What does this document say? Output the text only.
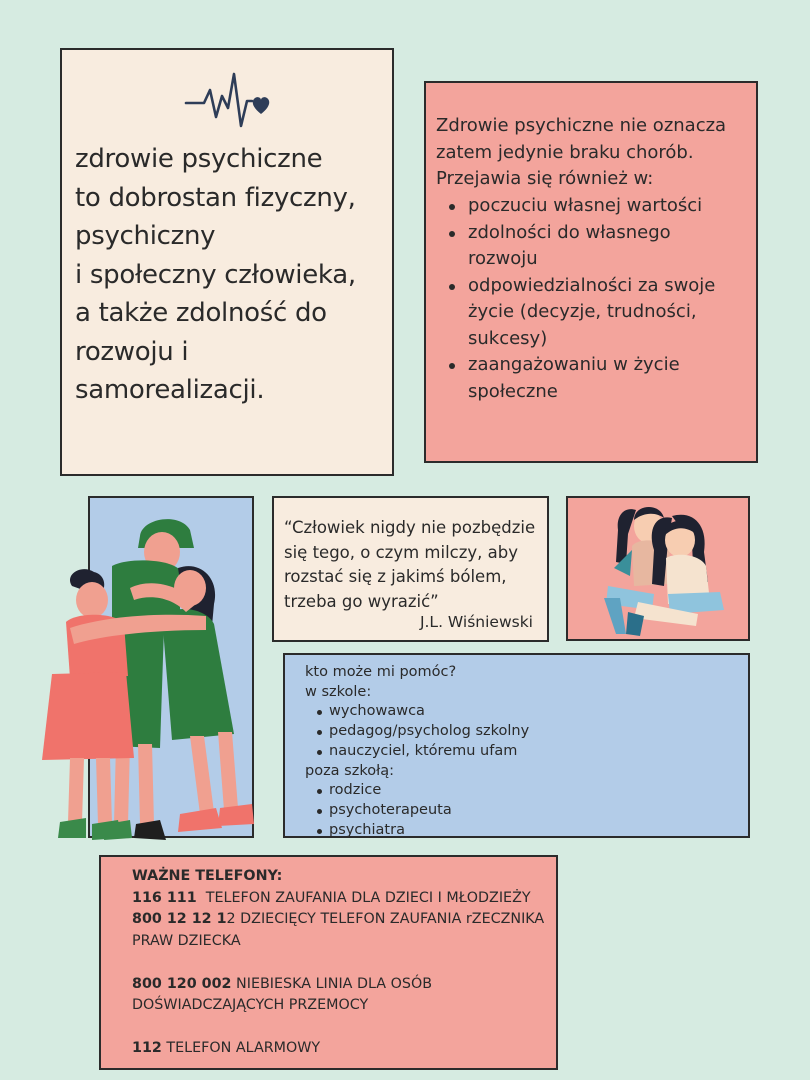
zdrowie psychiczne
to dobrostan fizyczny,
psychiczny
i społeczny człowieka,
a także zdolność do
rozwoju i
samorealizacji.
Zdrowie psychiczne nie oznacza
zatem jedynie braku chorób.
Przejawia się również w:
poczuciu własnej wartości
zdolności do własnego
rozwoju
odpowiedzialności za swoje
życie (decyzje, trudności,
sukcesy)
zaangażowaniu w życie
społeczne
“Człowiek nigdy nie pozbędzie
się tego, o czym milczy, aby
rozstać się z jakimś bólem,
trzeba go wyrazić”
J.L. Wiśniewski
kto może mi pomóc?
w szkole:
wychowawca
pedagog/psycholog szkolny
nauczyciel, któremu ufam
poza szkołą:
rodzice
psychoterapeuta
psychiatra
WAŻNE TELEFONY:
116 111 TELEFON ZAUFANIA DLA DZIECI I MŁODZIEŻY
800 12 12 12 DZIECIĘCY TELEFON ZAUFANIA rZECZNIKA
PRAW DZIECKA
800 120 002 NIEBIESKA LINIA DLA OSÓB
DOŚWIADCZAJĄCYCH PRZEMOCY
112 TELEFON ALARMOWY
